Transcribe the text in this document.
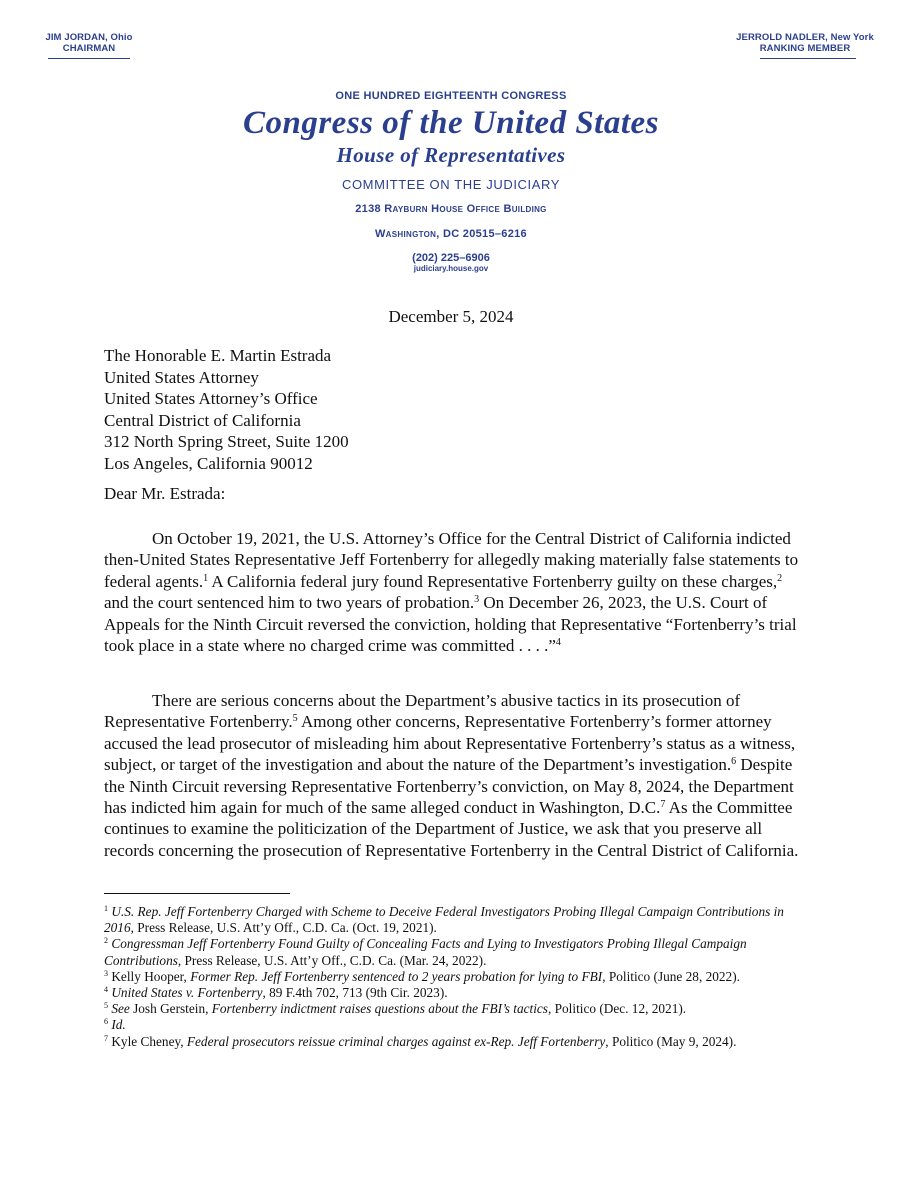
JIM JORDAN, Ohio
CHAIRMAN
JERROLD NADLER, New York
RANKING MEMBER
ONE HUNDRED EIGHTEENTH CONGRESS
Congress of the United States
House of Representatives
COMMITTEE ON THE JUDICIARY
2138 Rayburn House Office Building
Washington, DC 20515–6216
(202) 225–6906
judiciary.house.gov
December 5, 2024
The Honorable E. Martin Estrada
United States Attorney
United States Attorney’s Office
Central District of California
312 North Spring Street, Suite 1200
Los Angeles, California 90012
Dear Mr. Estrada:
On October 19, 2021, the U.S. Attorney’s Office for the Central District of California indicted then-United States Representative Jeff Fortenberry for allegedly making materially false statements to federal agents.$^1$ A California federal jury found Representative Fortenberry guilty on these charges,$^2$ and the court sentenced him to two years of probation.$^3$ On December 26, 2023, the U.S. Court of Appeals for the Ninth Circuit reversed the conviction, holding that Representative “Fortenberry’s trial took place in a state where no charged crime was committed . . . .”$^4$
There are serious concerns about the Department’s abusive tactics in its prosecution of Representative Fortenberry.$^5$ Among other concerns, Representative Fortenberry’s former attorney accused the lead prosecutor of misleading him about Representative Fortenberry’s status as a witness, subject, or target of the investigation and about the nature of the Department’s investigation.$^6$ Despite the Ninth Circuit reversing Representative Fortenberry’s conviction, on May 8, 2024, the Department has indicted him again for much of the same alleged conduct in Washington, D.C.$^7$ As the Committee continues to examine the politicization of the Department of Justice, we ask that you preserve all records concerning the prosecution of Representative Fortenberry in the Central District of California.

$^1$ U.S. Rep. Jeff Fortenberry Charged with Scheme to Deceive Federal Investigators Probing Illegal Campaign Contributions in 2016, Press Release, U.S. Att’y Off., C.D. Ca. (Oct. 19, 2021).

$^2$ Congressman Jeff Fortenberry Found Guilty of Concealing Facts and Lying to Investigators Probing Illegal Campaign Contributions, Press Release, U.S. Att’y Off., C.D. Ca. (Mar. 24, 2022).

$^3$ Kelly Hooper, Former Rep. Jeff Fortenberry sentenced to 2 years probation for lying to FBI, Politico (June 28, 2022).

$^4$ United States v. Fortenberry, 89 F.4th 702, 713 (9th Cir. 2023).

$^5$ See Josh Gerstein, Fortenberry indictment raises questions about the FBI’s tactics, Politico (Dec. 12, 2021).

$^6$ Id.

$^7$ Kyle Cheney, Federal prosecutors reissue criminal charges against ex-Rep. Jeff Fortenberry, Politico (May 9, 2024).
